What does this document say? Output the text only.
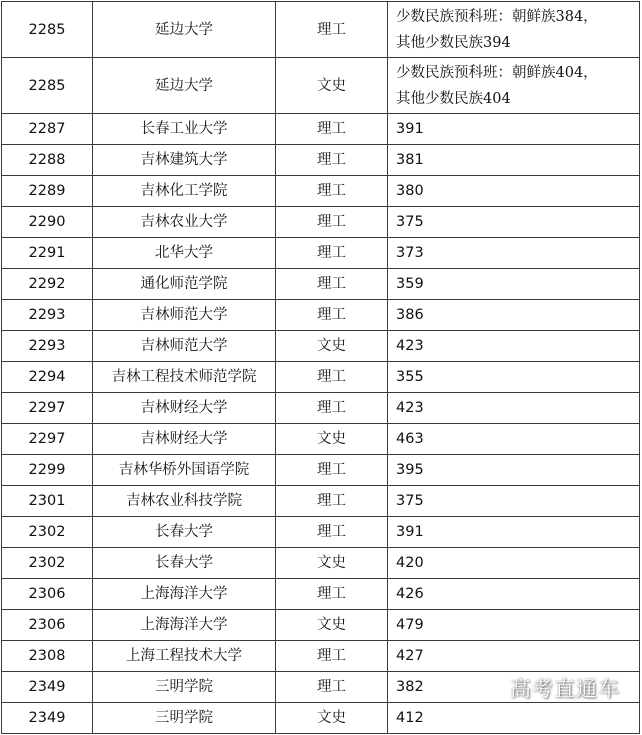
2285	延边大学	理工	少数民族预科班：朝鲜族384，
其他少数民族394
2285	延边大学	文史	少数民族预科班：朝鲜族404，
其他少数民族404
2287	长春工业大学	理工	391
2288	吉林建筑大学	理工	381
2289	吉林化工学院	理工	380
2290	吉林农业大学	理工	375
2291	北华大学	理工	373
2292	通化师范学院	理工	359
2293	吉林师范大学	理工	386
2293	吉林师范大学	文史	423
2294	吉林工程技术师范学院	理工	355
2297	吉林财经大学	理工	423
2297	吉林财经大学	文史	463
2299	吉林华桥外国语学院	理工	395
2301	吉林农业科技学院	理工	375
2302	长春大学	理工	391
2302	长春大学	文史	420
2306	上海海洋大学	理工	426
2306	上海海洋大学	文史	479
2308	上海工程技术大学	理工	427
2349	三明学院	理工	382
2349	三明学院	文史	412
高考直通车
